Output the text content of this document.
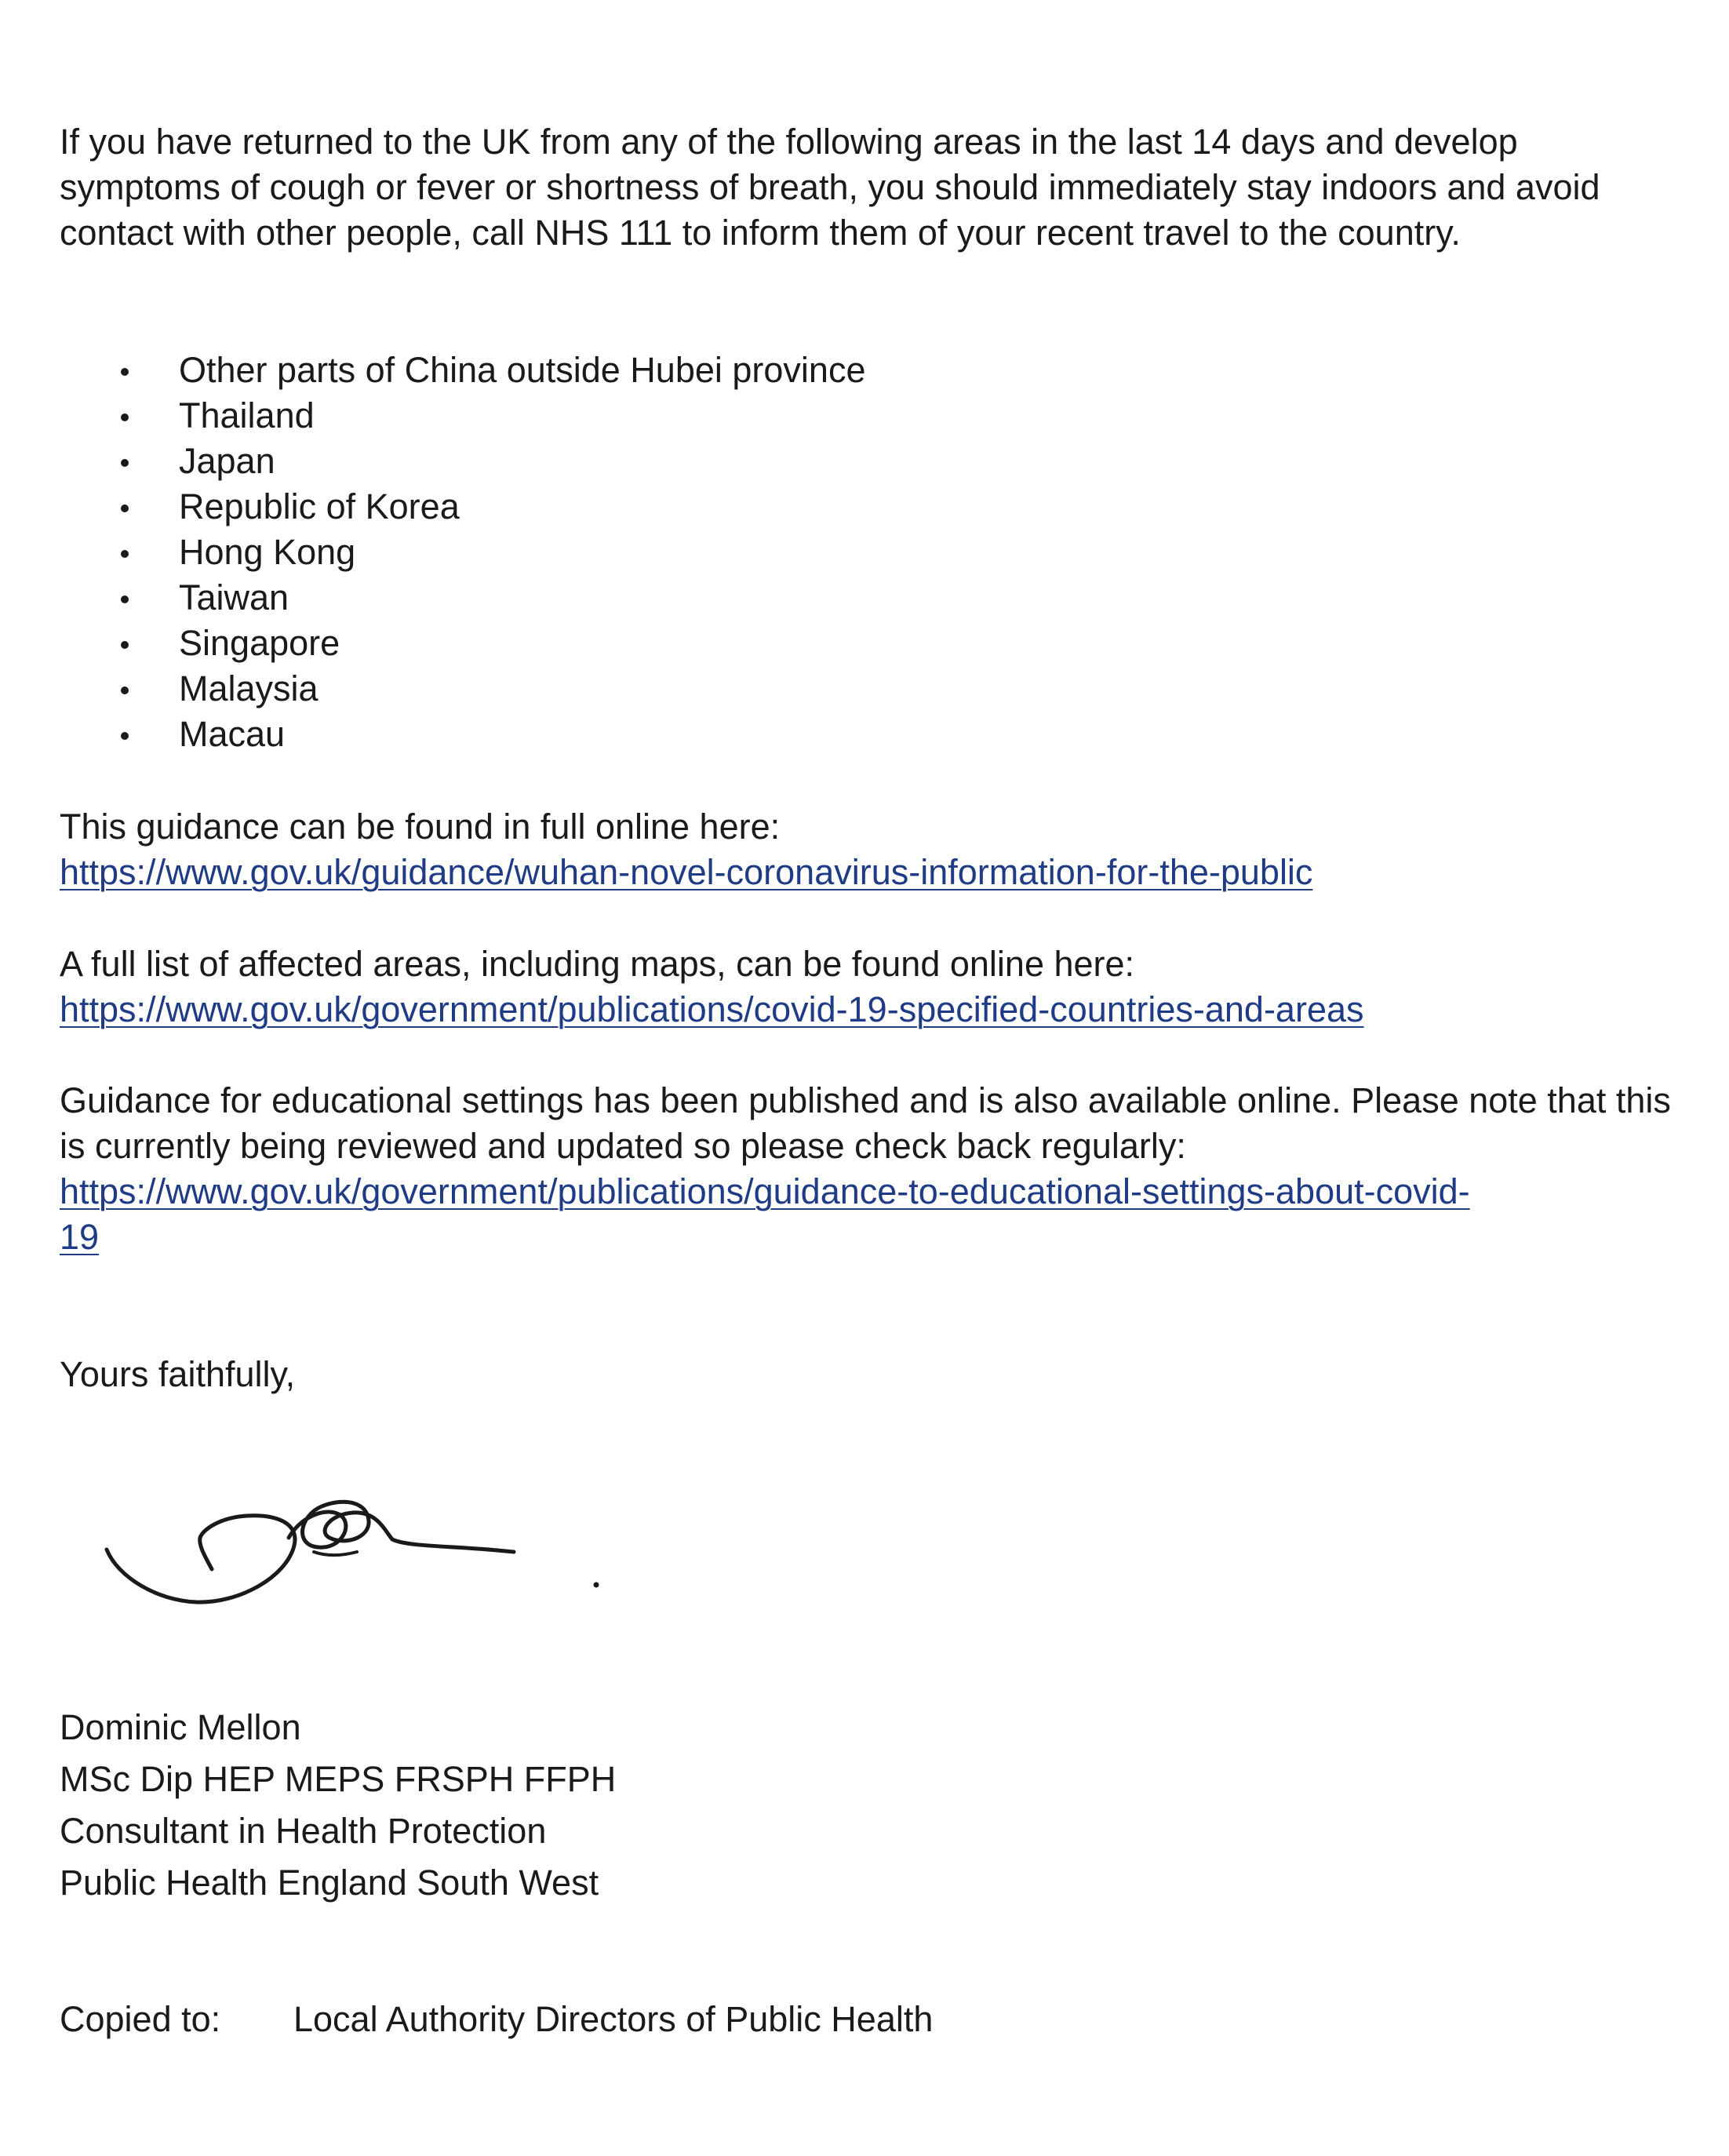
If you have returned to the UK from any of the following areas in the last 14 days and develop symptoms of cough or fever or shortness of breath, you should immediately stay indoors and avoid contact with other people, call NHS 111 to inform them of your recent travel to the country.

Other parts of China outside Hubei province
Thailand
Japan
Republic of Korea
Hong Kong
Taiwan
Singapore
Malaysia
Macau
This guidance can be found in full online here:
https://www.gov.uk/guidance/wuhan-novel-coronavirus-information-for-the-public
A full list of affected areas, including maps, can be found online here:
https://www.gov.uk/government/publications/covid-19-specified-countries-and-areas
Guidance for educational settings has been published and is also available online. Please note that this is currently being reviewed and updated so please check back regularly:
https://www.gov.uk/government/publications/guidance-to-educational-settings-about-covid-
19
Yours faithfully,
Dominic Mellon
MSc Dip HEP MEPS FRSPH FFPH
Consultant in Health Protection
Public Health England South West
Copied to: Local Authority Directors of Public Health
